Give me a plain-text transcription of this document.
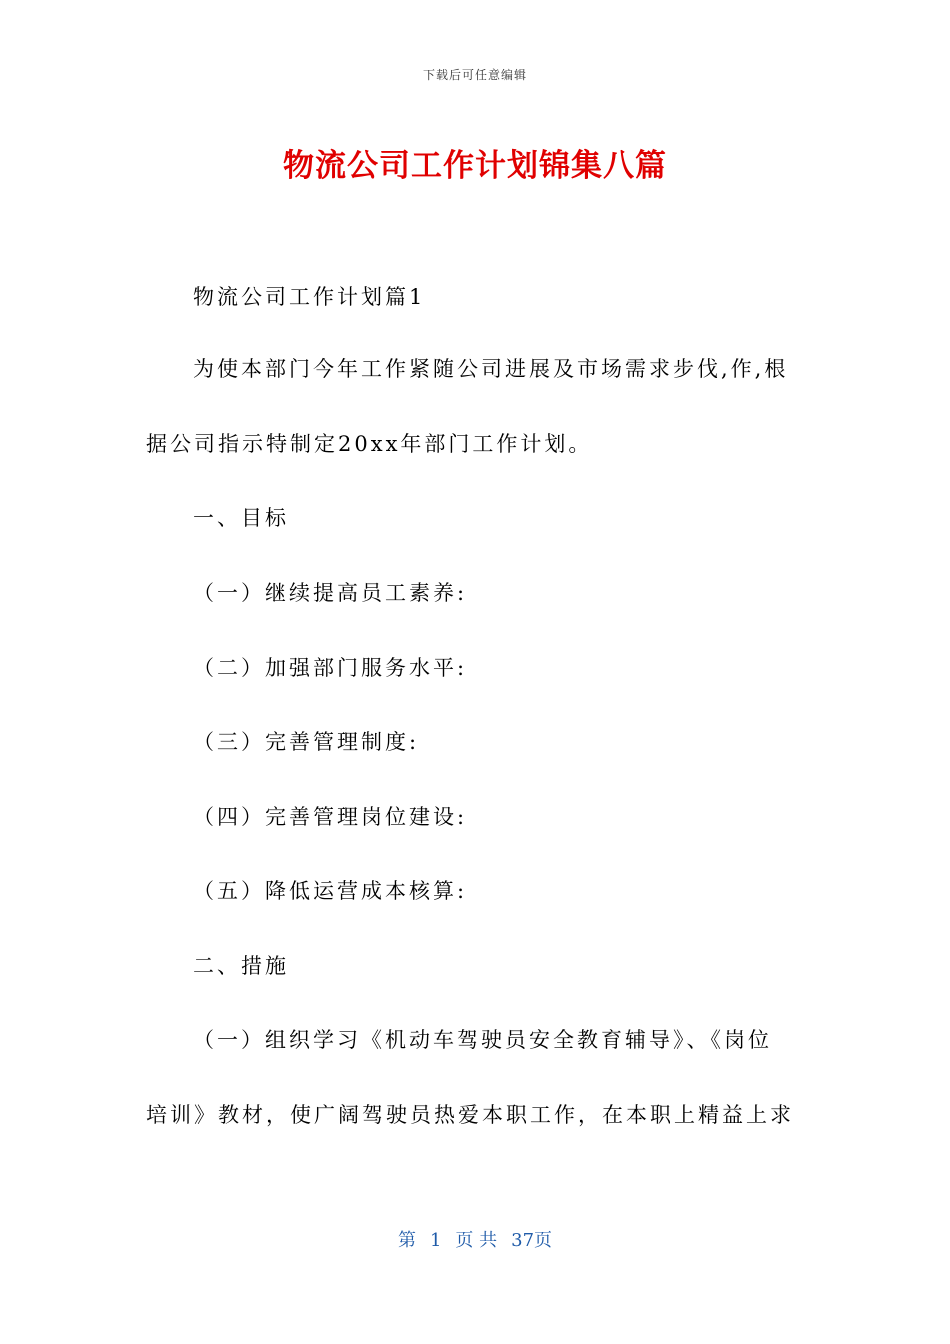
下载后可任意编辑
物流公司工作计划锦集八篇
物流公司工作计划篇1
为使本部门今年工作紧随公司进展及市场需求步伐,作,根
据公司指示特制定20xx年部门工作计划。
一、目标
（一）继续提高员工素养:
（二）加强部门服务水平:
（三）完善管理制度:
（四）完善管理岗位建设:
（五）降低运营成本核算:
二、措施
（一）组织学习《机动车驾驶员安全教育辅导》、《岗位
培训》教材，使广阔驾驶员热爱本职工作，在本职上精益上求
第 1 页 共 37页
